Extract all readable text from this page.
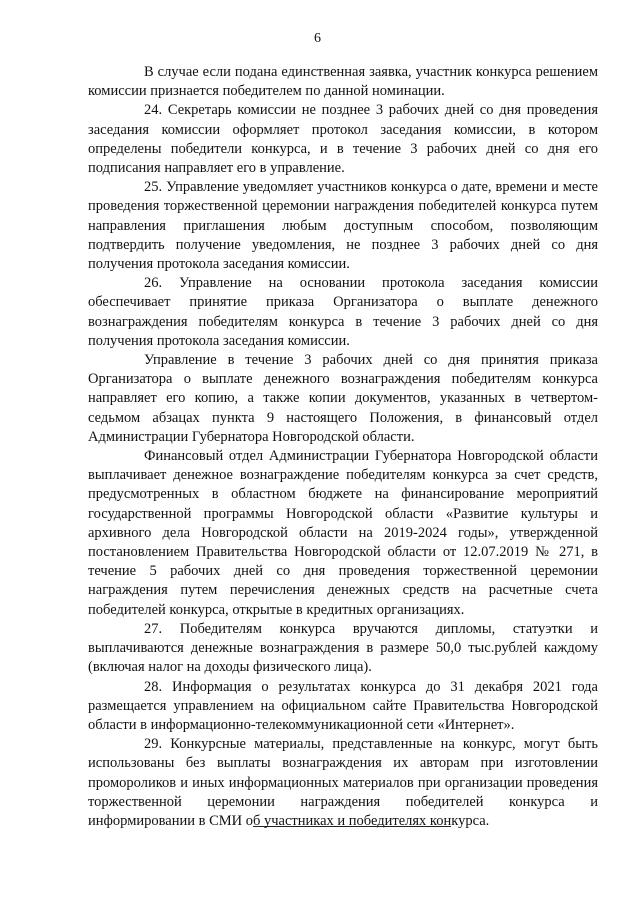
6

В случае если подана единственная заявка, участник конкурса решением комиссии признается победителем по данной номинации.

24. Секретарь комиссии не позднее 3 рабочих дней со дня проведения заседания комиссии оформляет протокол заседания комиссии, в котором определены победители конкурса, и в течение 3 рабочих дней со дня его подписания направляет его в управление.

25. Управление уведомляет участников конкурса о дате, времени и месте проведения торжественной церемонии награждения победителей конкурса путем направления приглашения любым доступным способом, позволяющим подтвердить получение уведомления, не позднее 3 рабочих дней со дня получения протокола заседания комиссии.

26. Управление на основании протокола заседания комиссии обеспечивает принятие приказа Организатора о выплате денежного вознаграждения победителям конкурса в течение 3 рабочих дней со дня получения протокола заседания комиссии.

Управление в течение 3 рабочих дней со дня принятия приказа Организатора о выплате денежного вознаграждения победителям конкурса направляет его копию, а также копии документов, указанных в четвертом-седьмом абзацах пункта 9 настоящего Положения, в финансовый отдел Администрации Губернатора Новгородской области.

Финансовый отдел Администрации Губернатора Новгородской области выплачивает денежное вознаграждение победителям конкурса за счет средств, предусмотренных в областном бюджете на финансирование мероприятий государственной программы Новгородской области «Развитие культуры и архивного дела Новгородской области на 2019-2024 годы», утвержденной постановлением Правительства Новгородской области от 12.07.2019 № 271, в течение 5 рабочих дней со дня проведения торжественной церемонии награждения путем перечисления денежных средств на расчетные счета победителей конкурса, открытые в кредитных организациях.

27. Победителям конкурса вручаются дипломы, статуэтки и выплачиваются денежные вознаграждения в размере 50,0 тыс.рублей каждому (включая налог на доходы физического лица).

28. Информация о результатах конкурса до 31 декабря 2021 года размещается управлением на официальном сайте Правительства Новгородской области в информационно-телекоммуникационной сети «Интернет».

29. Конкурсные материалы, представленные на конкурс, могут быть использованы без выплаты вознаграждения их авторам при изготовлении промороликов и иных информационных материалов при организации проведения торжественной церемонии награждения победителей конкурса и информировании в СМИ об участниках и победителях конкурса.
